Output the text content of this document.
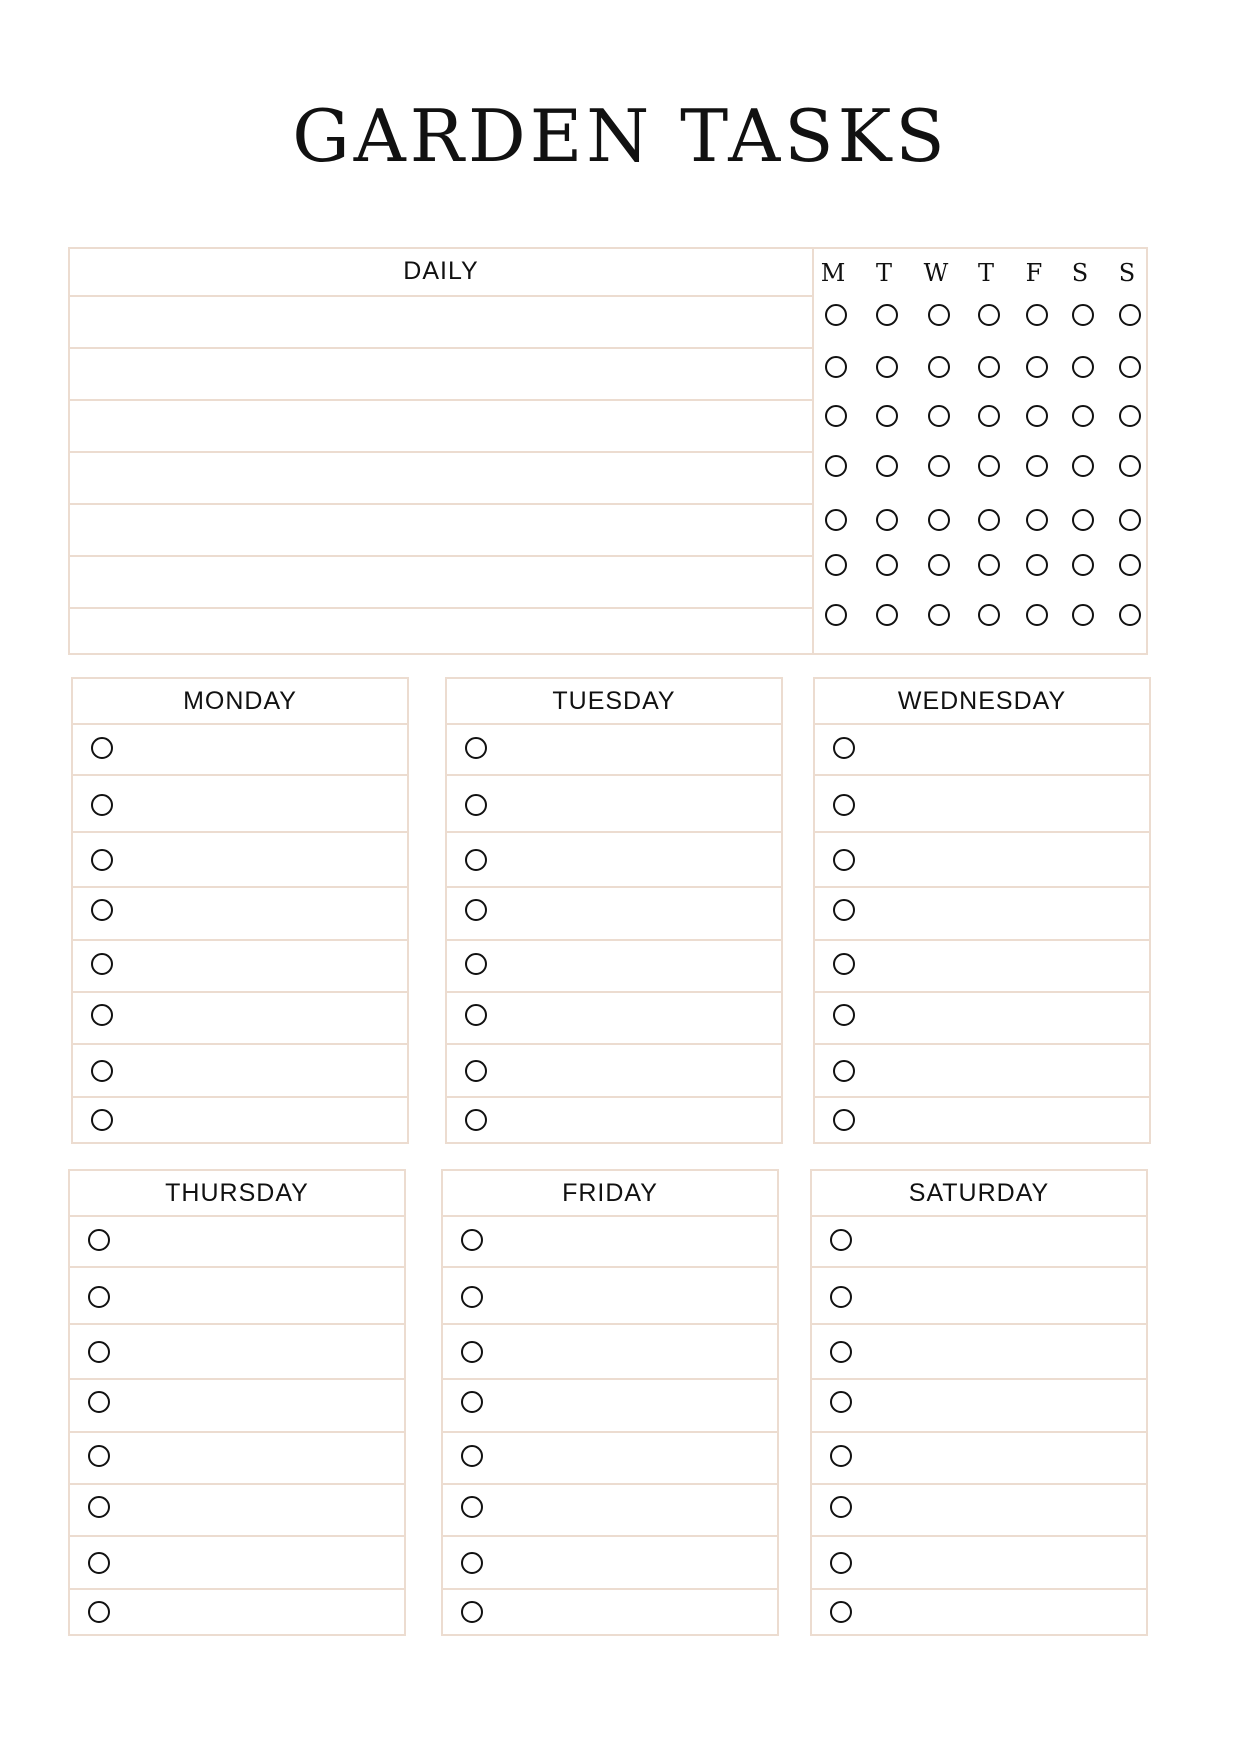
GARDEN TASKS
DAILY	M T W T F S S
MONDAY	TUESDAY	WEDNESDAY
THURSDAY	FRIDAY	SATURDAY
